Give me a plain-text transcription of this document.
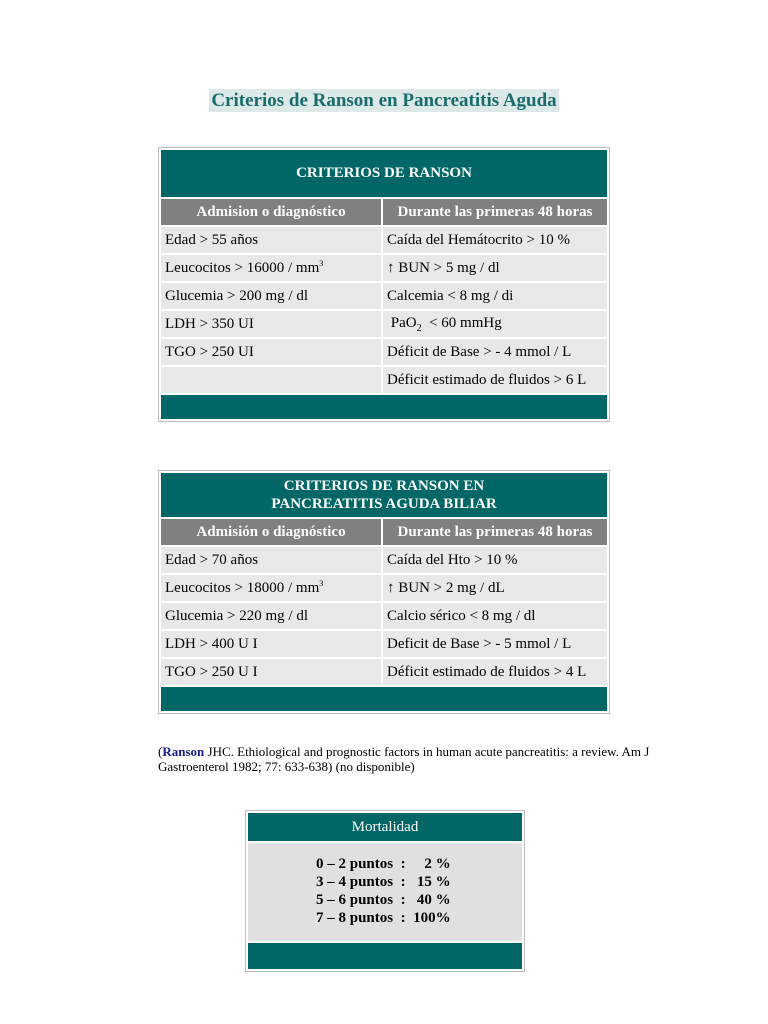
Criterios de Ranson en Pancreatitis Aguda
CRITERIOS DE RANSON	
Admision o diagnóstico	Durante las primeras 48 horas
Edad > 55 años	Caída del Hemátocrito > 10 %
Leucocitos > $16000 / mm^3$	↑ BUN > 5 mg / dl
Glucemia > 200 mg / dl	Calcemia < 8 mg / di
LDH > 350 UI	PaO$_2$ < 60 mmHg
TGO > 250 UI	Déficit de Base > - 4 mmol / L
	Déficit estimado de fluidos > 6 L

CRITERIOS DE RANSON EN
PANCREATITIS AGUDA BILIAR	
Admisión o diagnóstico	Durante las primeras 48 horas
Edad > 70 años	Caída del Hto > 10 %
Leucocitos > $18000 / mm^3$	↑ BUN > 2 mg / dL
Glucemia > 220 mg / dl	Calcio sérico < 8 mg / dl
LDH > 400 U I	Deficit de Base > - 5 mmol / L
TGO > 250 U I	Déficit estimado de fluidos > 4 L

(Ranson JHC. Ethiological and prognostic factors in human acute pancreatitis: a review. Am J Gastroenterol 1982; 77: 633-638) (no disponible)
Mortalidad
0 – 2 puntos  :     2 %
3 – 4 puntos  :   15 %
5 – 6 puntos  :   40 %
7 – 8 puntos  :  100%
